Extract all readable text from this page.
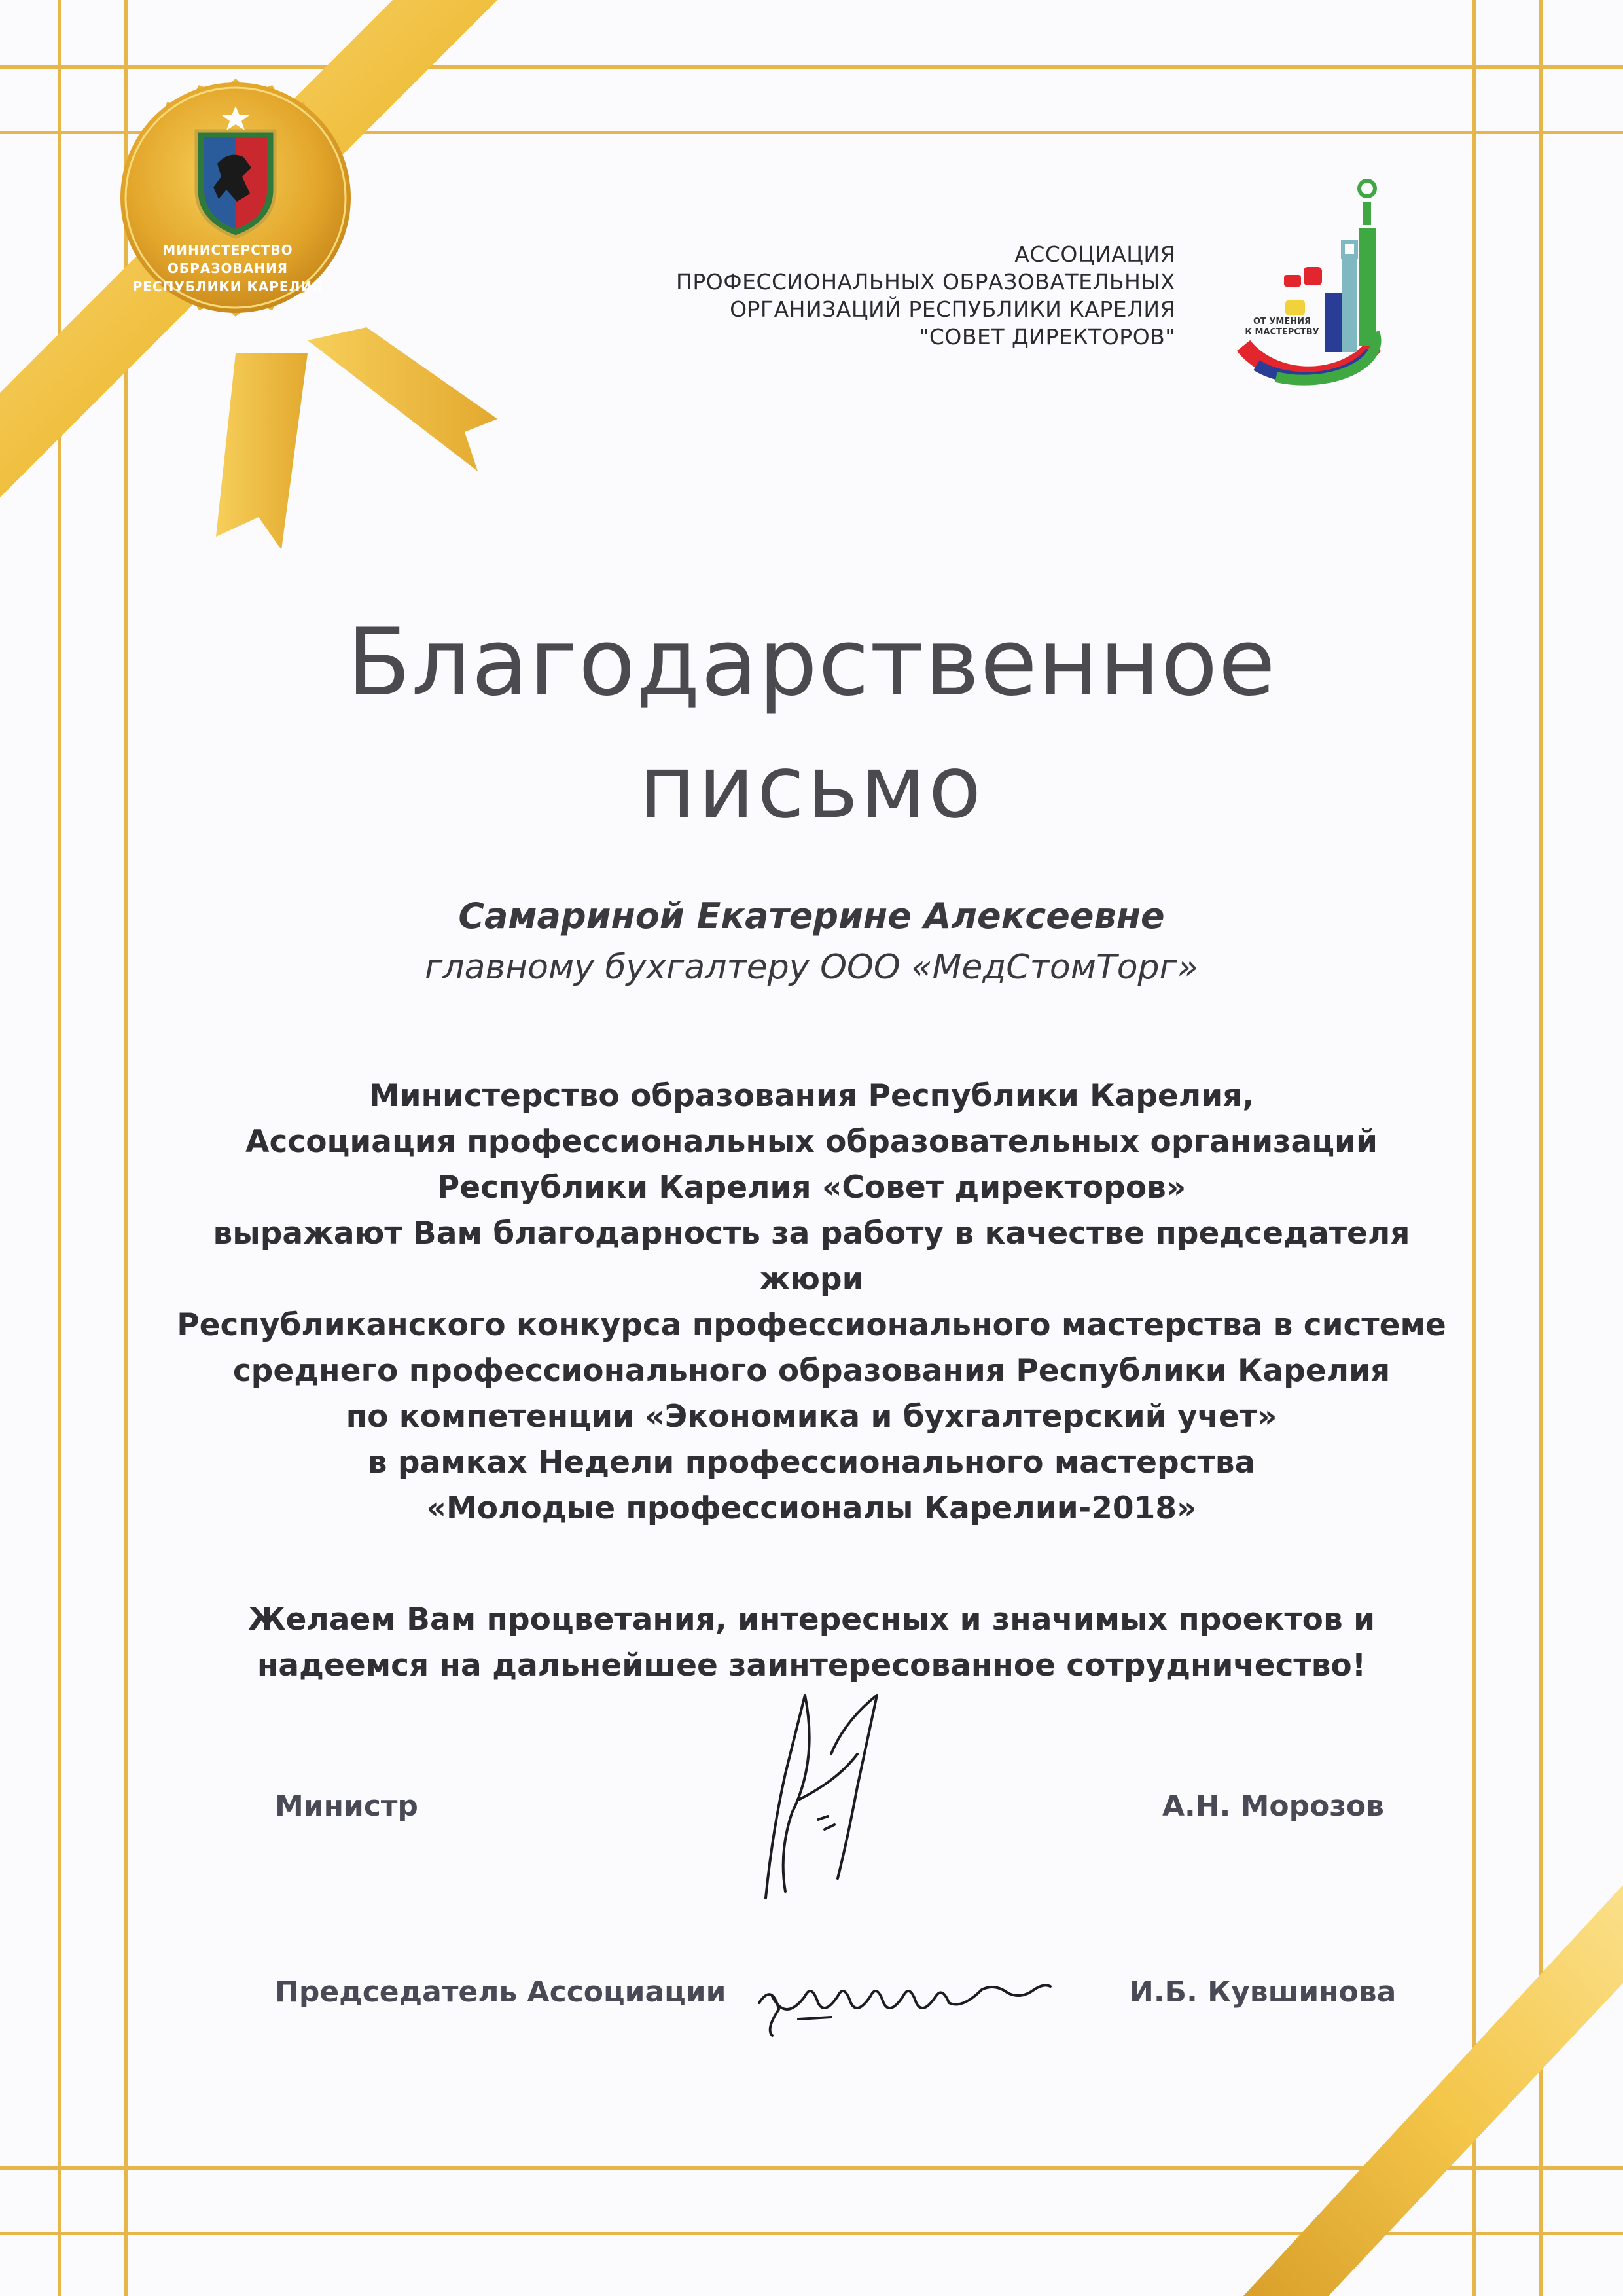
МИНИСТЕРСТВО
ОБРАЗОВАНИЯ
РЕСПУБЛИКИ КАРЕЛИЯ
АССОЦИАЦИЯ
ПРОФЕССИОНАЛЬНЫХ ОБРАЗОВАТЕЛЬНЫХ
ОРГАНИЗАЦИЙ РЕСПУБЛИКИ КАРЕЛИЯ
"СОВЕТ ДИРЕКТОРОВ"
ОТ УМЕНИЯ
К МАСТЕРСТВУ
Благодарственное
письмо
Самариной Екатерине Алексеевне
главному бухгалтеру ООО «МедСтомТорг»
Министерство образования Республики Карелия,
Ассоциация профессиональных образовательных организаций
Республики Карелия «Совет директоров»
выражают Вам благодарность за работу в качестве председателя
жюри
Республиканского конкурса профессионального мастерства в системе
среднего профессионального образования Республики Карелия
по компетенции «Экономика и бухгалтерский учет»
в рамках Недели профессионального мастерства
«Молодые профессионалы Карелии-2018»
Желаем Вам процветания, интересных и значимых проектов и
надеемся на дальнейшее заинтересованное сотрудничество!
Министр	А.Н. Морозов
Председатель Ассоциации	И.Б. Кувшинова
